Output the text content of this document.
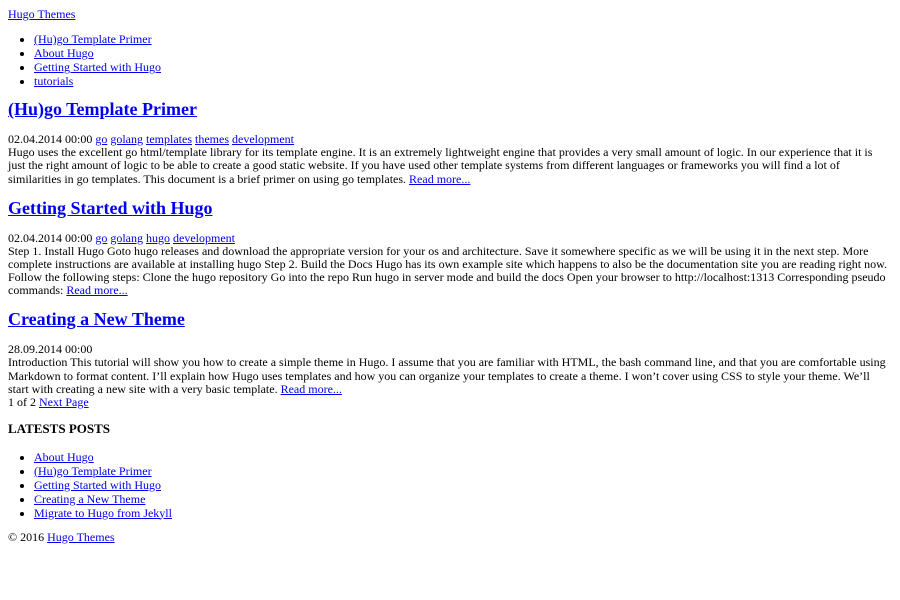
Hugo Themes
• (Hu)go Template Primer
• About Hugo
• Getting Started with Hugo
• tutorials
(Hu)go Template Primer

02.04.2014 00:00 go golang templates themes development

Hugo uses the excellent go html/template library for its template engine. It is an extremely lightweight engine that provides a very small amount of logic. In our experience that it is just the right amount of logic to be able to create a good static website. If you have used other template systems from different languages or frameworks you will find a lot of similarities in go templates. This document is a brief primer on using go templates. Read more...

Getting Started with Hugo

02.04.2014 00:00 go golang hugo development

Step 1. Install Hugo Goto hugo releases and download the appropriate version for your os and architecture. Save it somewhere specific as we will be using it in the next step. More complete instructions are available at installing hugo Step 2. Build the Docs Hugo has its own example site which happens to also be the documentation site you are reading right now. Follow the following steps: Clone the hugo repository Go into the repo Run hugo in server mode and build the docs Open your browser to http://localhost:1313 Corresponding pseudo commands: Read more...

Creating a New Theme

28.09.2014 00:00

Introduction This tutorial will show you how to create a simple theme in Hugo. I assume that you are familiar with HTML, the bash command line, and that you are comfortable using Markdown to format content. I’ll explain how Hugo uses templates and how you can organize your templates to create a theme. I won’t cover using CSS to style your theme. We’ll start with creating a new site with a very basic template. Read more...

1 of 2 Next Page
LATESTS POSTS
• About Hugo
• (Hu)go Template Primer
• Getting Started with Hugo
• Creating a New Theme
• Migrate to Hugo from Jekyll

© 2016 Hugo Themes
